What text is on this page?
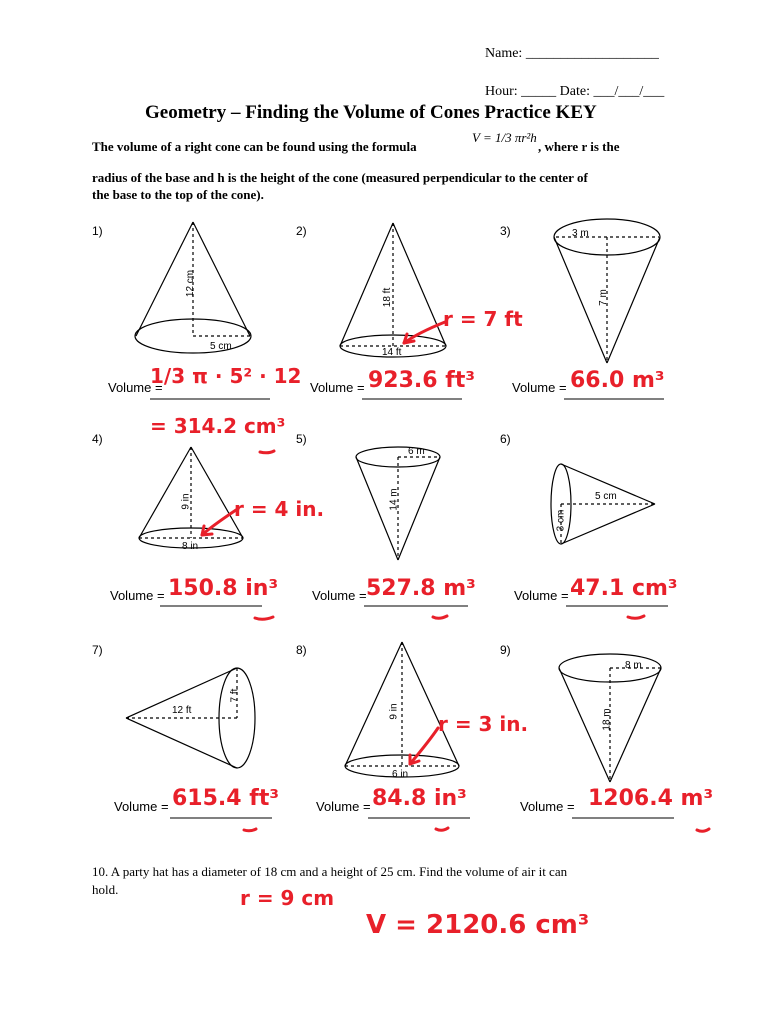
Name: ___________________
Hour: _____ Date: ___/___/___
Geometry – Finding the Volume of Cones Practice KEY
The volume of a right cone can be found using the formula
V = 1/3 πr²h
, where r is the
radius of the base and h is the height of the cone (measured perpendicular to the center of
the base to the top of the cone).
1)	2)	3)
4)	5)	6)
7)	8)	9)
12 cm
5 cm
18 ft
14 ft
3 m
7 m
9 in
8 in
6 m
14 m	5 cm
3 cm
12 ft
7 ft
9 in
6 in
8 m
18 m
Volume =	Volume =	Volume =
Volume =	Volume =	Volume =
Volume =	Volume =	Volume =
1/3 π · 5² · 12
= 314.2 cm³
r = 7 ft
923.6 ft³	66.0 m³
r = 4 in.
150.8 in³	527.8 m³	47.1 cm³
r = 3 in.
615.4 ft³	84.8 in³	1206.4 m³
10. A party hat has a diameter of 18 cm and a height of 25 cm. Find the volume of air it can
hold.	r = 9 cm
V = 2120.6 cm³
